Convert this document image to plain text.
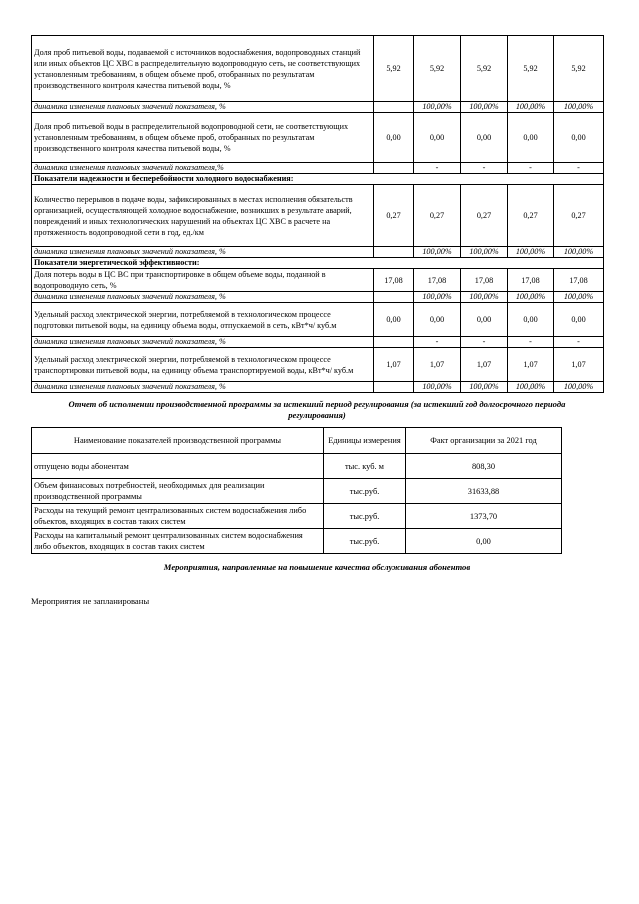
Доля проб питьевой воды, подаваемой с источников водоснабжения, водопроводных станций или иных объектов ЦС ХВС в распределительную водопроводную сеть, не соответствующих установленным требованиям, в общем объеме проб, отобранных по результатам производственного контроля качества питьевой воды, %	5,92	5,92	5,92	5,92	5,92
динамика изменения плановых значений показателя, %		100,00%	100,00%	100,00%	100,00%
Доля проб питьевой воды в распределительной водопроводной сети, не соответствующих установленным требованиям, в общем объеме проб, отобранных по результатам производственного контроля качества питьевой воды, %	0,00	0,00	0,00	0,00	0,00
динамика изменения плановых значений показателя,%		-	-	-	-
Показатели надежности и бесперебойности холодного водоснабжения:					
Количество перерывов в подаче воды, зафиксированных в местах исполнения обязательств организацией, осуществляющей холодное водоснабжение, возникших в результате аварий, повреждений и иных технологических нарушений на объектах ЦС ХВС в расчете на протяженность водопроводной сети в год, ед./км	0,27	0,27	0,27	0,27	0,27
динамика изменения плановых значений показателя, %		100,00%	100,00%	100,00%	100,00%
Показатели энергетической эффективности:					
Доля потерь воды в ЦС ВС при транспортировке в общем объеме воды, поданной в водопроводную сеть, %	17,08	17,08	17,08	17,08	17,08
динамика изменения плановых значений показателя, %		100,00%	100,00%	100,00%	100,00%
Удельный расход электрической энергии, потребляемой в технологическом процессе подготовки питьевой воды, на единицу объема воды, отпускаемой в сеть, кВт*ч/ куб.м	0,00	0,00	0,00	0,00	0,00
динамика изменения плановых значений показателя, %		-	-	-	-
Удельный расход электрической энергии, потребляемой в технологическом процессе транспортировки питьевой воды, на единицу объема транспортируемой воды, кВт*ч/ куб.м	1,07	1,07	1,07	1,07	1,07
динамика изменения плановых значений показателя, %		100,00%	100,00%	100,00%	100,00%
Отчет об исполнении производственной программы за истекший период регулирования (за истекший год долгосрочного периода регулирования)
Наименование показателей производственной программы	Единицы измерения	Факт организации за 2021 год
отпущено воды абонентам	тыс. куб. м	808,30
Объем финансовых потребностей, необходимых для реализации производственной программы	тыс.руб.	31633,88
Расходы на текущий ремонт централизованных систем водоснабжения либо объектов, входящих в состав таких систем	тыс.руб.	1373,70
Расходы на капитальный ремонт централизованных систем водоснабжения либо объектов, входящих в состав таких систем	тыс.руб.	0,00
Мероприятия, направленные на повышение качества обслуживания абонентов
Мероприятия не запланированы
